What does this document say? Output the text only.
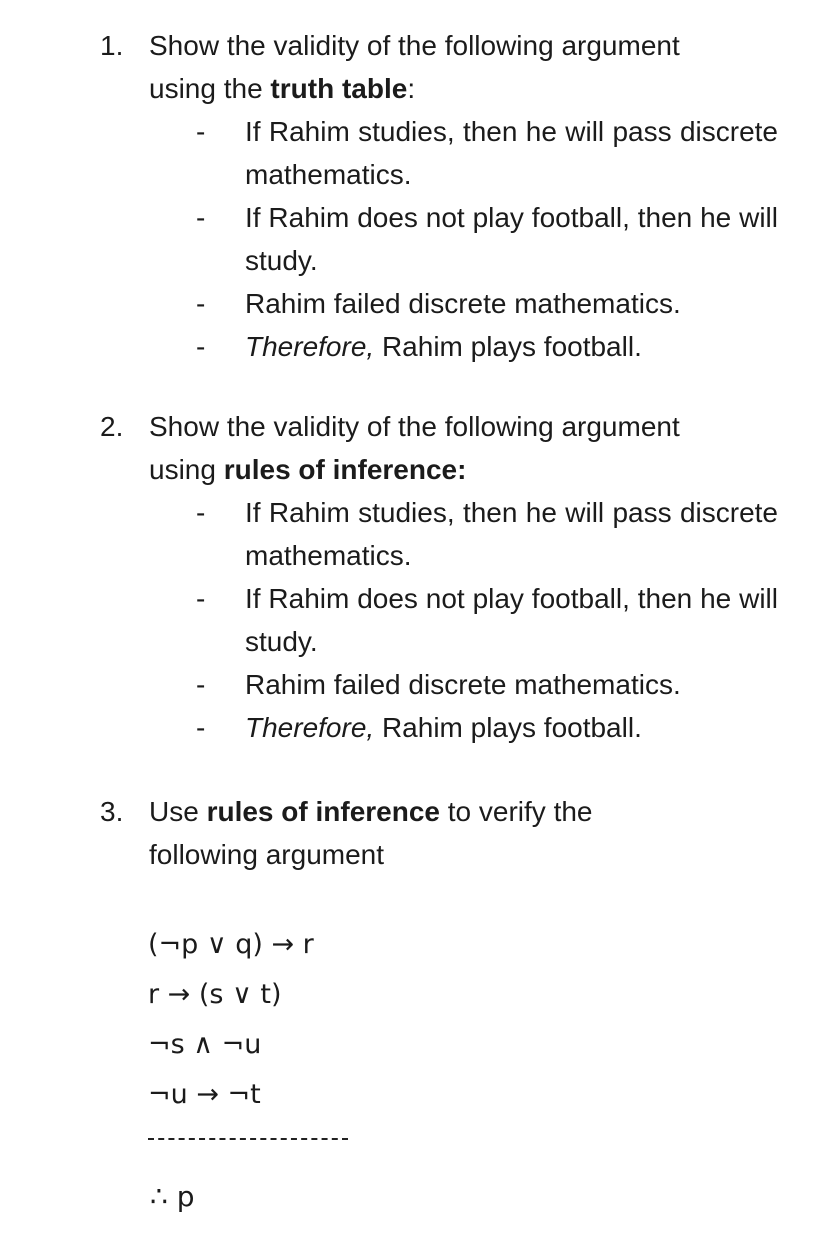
1. Show the validity of the following argument
using the truth table:
- If Rahim studies, then he will pass discrete mathematics.
- If Rahim does not play football, then he will study.
- Rahim failed discrete mathematics.
- Therefore, Rahim plays football.
2. Show the validity of the following argument
using rules of inference:
- If Rahim studies, then he will pass discrete mathematics.
- If Rahim does not play football, then he will study.
- Rahim failed discrete mathematics.
- Therefore, Rahim plays football.
3. Use rules of inference to verify the
following argument
(¬p ∨ q) → r
r → (s ∨ t)
¬s ∧ ¬u
¬u → ¬t
∴ p
